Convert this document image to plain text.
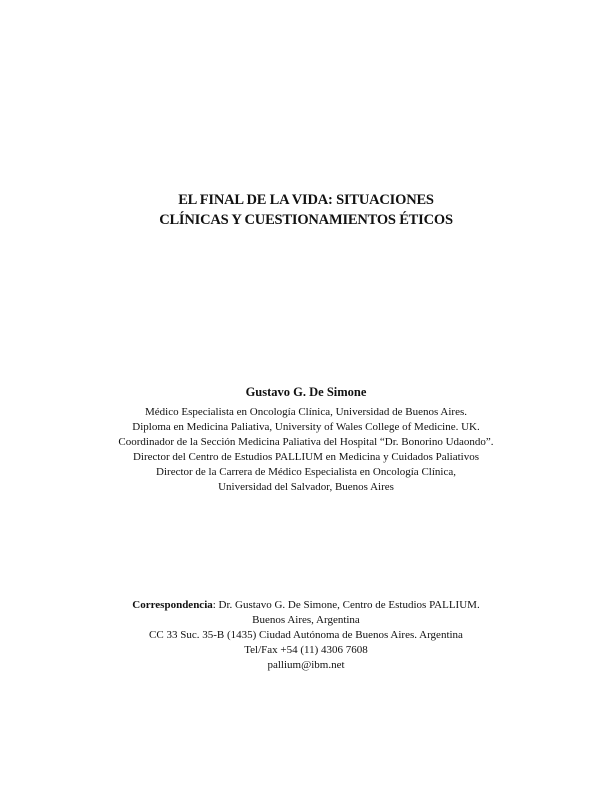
EL FINAL DE LA VIDA: SITUACIONES
CLÍNICAS Y CUESTIONAMIENTOS ÉTICOS
Gustavo G. De Simone
Médico Especialista en Oncología Clínica, Universidad de Buenos Aires.
Diploma en Medicina Paliativa, University of Wales College of Medicine. UK.
Coordinador de la Sección Medicina Paliativa del Hospital “Dr. Bonorino Udaondo”.
Director del Centro de Estudios PALLIUM en Medicina y Cuidados Paliativos
Director de la Carrera de Médico Especialista en Oncología Clínica,
Universidad del Salvador, Buenos Aires
Correspondencia: Dr. Gustavo G. De Simone, Centro de Estudios PALLIUM.
Buenos Aires, Argentina
CC 33 Suc. 35-B (1435) Ciudad Autónoma de Buenos Aires. Argentina
Tel/Fax +54 (11) 4306 7608
pallium@ibm.net
